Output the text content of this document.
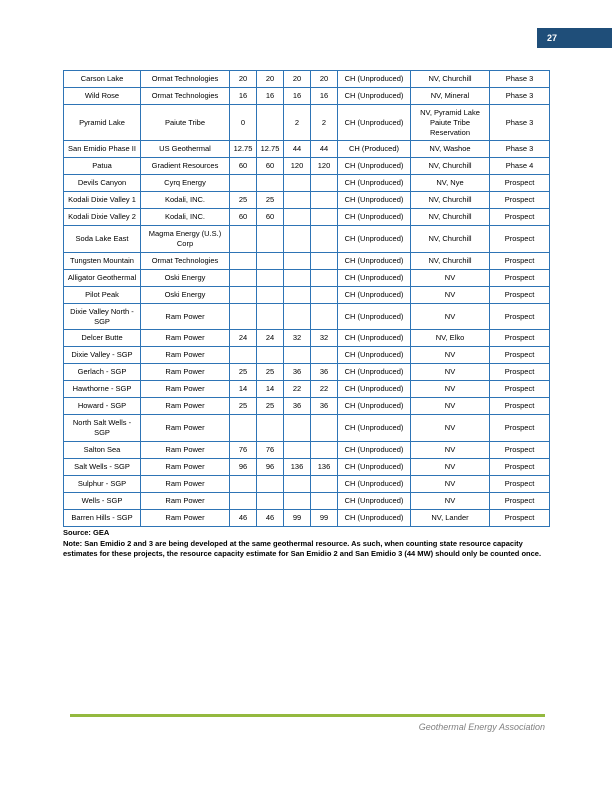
27
Carson Lake	Ormat Technologies	20	20	20	20	CH (Unproduced)	NV, Churchill	Phase 3
Wild Rose	Ormat Technologies	16	16	16	16	CH (Unproduced)	NV, Mineral	Phase 3
Pyramid Lake	Paiute Tribe	0		2	2	CH (Unproduced)	NV, Pyramid Lake Paiute Tribe Reservation	Phase 3
San Emidio Phase II	US Geothermal	12.75	12.75	44	44	CH (Produced)	NV, Washoe	Phase 3
Patua	Gradient Resources	60	60	120	120	CH (Unproduced)	NV, Churchill	Phase 4
Devils Canyon	Cyrq Energy					CH (Unproduced)	NV, Nye	Prospect
Kodali Dixie Valley 1	Kodali, INC.	25	25			CH (Unproduced)	NV, Churchill	Prospect
Kodali Dixie Valley 2	Kodali, INC.	60	60			CH (Unproduced)	NV, Churchill	Prospect
Soda Lake East	Magma Energy (U.S.) Corp					CH (Unproduced)	NV, Churchill	Prospect
Tungsten Mountain	Ormat Technologies					CH (Unproduced)	NV, Churchill	Prospect
Alligator Geothermal	Oski Energy					CH (Unproduced)	NV	Prospect
Pilot Peak	Oski Energy					CH (Unproduced)	NV	Prospect
Dixie Valley North - SGP	Ram Power					CH (Unproduced)	NV	Prospect
Delcer Butte	Ram Power	24	24	32	32	CH (Unproduced)	NV, Elko	Prospect
Dixie Valley - SGP	Ram Power					CH (Unproduced)	NV	Prospect
Gerlach - SGP	Ram Power	25	25	36	36	CH (Unproduced)	NV	Prospect
Hawthorne - SGP	Ram Power	14	14	22	22	CH (Unproduced)	NV	Prospect
Howard - SGP	Ram Power	25	25	36	36	CH (Unproduced)	NV	Prospect
North Salt Wells - SGP	Ram Power					CH (Unproduced)	NV	Prospect
Salton Sea	Ram Power	76	76			CH (Unproduced)	NV	Prospect
Salt Wells - SGP	Ram Power	96	96	136	136	CH (Unproduced)	NV	Prospect
Sulphur - SGP	Ram Power					CH (Unproduced)	NV	Prospect
Wells - SGP	Ram Power					CH (Unproduced)	NV	Prospect
Barren Hills - SGP	Ram Power	46	46	99	99	CH (Unproduced)	NV, Lander	Prospect
Source: GEA
Note: San Emidio 2 and 3 are being developed at the same geothermal resource. As such, when counting state resource capacity estimates for these projects, the resource capacity estimate for San Emidio 2 and San Emidio 3 (44 MW) should only be counted once.
Geothermal Energy Association
